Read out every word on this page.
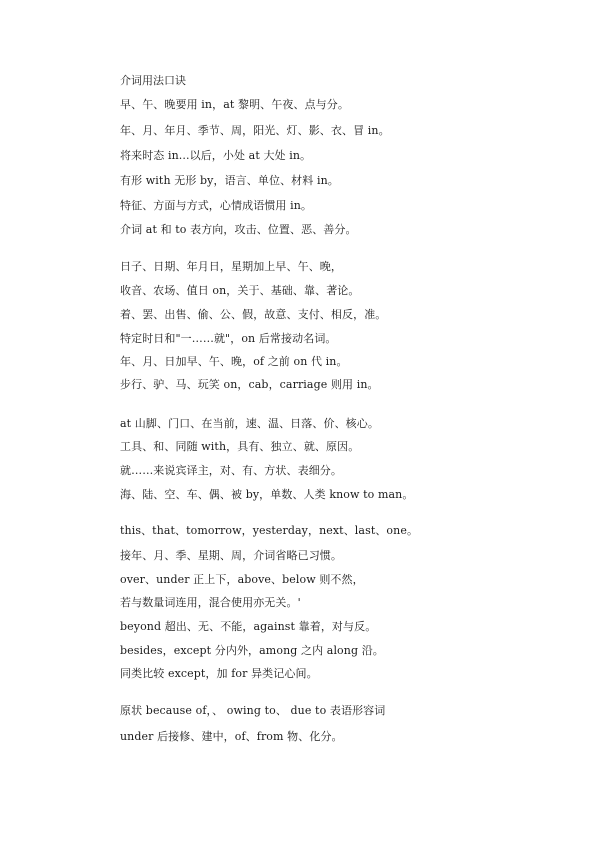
介词用法口诀
早、午、晚要用 in，at 黎明、午夜、点与分。
年、月、年月、季节、周，阳光、灯、影、衣、冒 in。
将来时态 in...以后，小处 at 大处 in。
有形 with 无形 by，语言、单位、材料 in。
特征、方面与方式，心情成语惯用 in。
介词 at 和 to 表方向，攻击、位置、恶、善分。
日子、日期、年月日，星期加上早、午、晚，
收音、农场、值日 on，关于、基础、靠、著论。
着、罢、出售、偷、公、假，故意、支付、相反，准。
特定时日和"一……就"，on 后常接动名词。
年、月、日加早、午、晚，of 之前 on 代 in。
步行、驴、马、玩笑 on，cab，carriage 则用 in。
at 山脚、门口、在当前，速、温、日落、价、核心。
工具、和、同随 with，具有、独立、就、原因。
就……来说宾译主，对、有、方状、表细分。
海、陆、空、车、偶、被 by，单数、人类 know to man。
this、that、tomorrow，yesterday，next、last、one。
接年、月、季、星期、周，介词省略已习惯。
over、under 正上下，above、below 则不然，
若与数量词连用，混合使用亦无关。'
beyond 超出、无、不能，against 靠着，对与反。
besides，except 分内外，among 之内 along 沿。
同类比较 except，加 for 异类记心间。
原状 because of，、 owing to、 due to 表语形容词
under 后接修、建中，of、from 物、化分。
